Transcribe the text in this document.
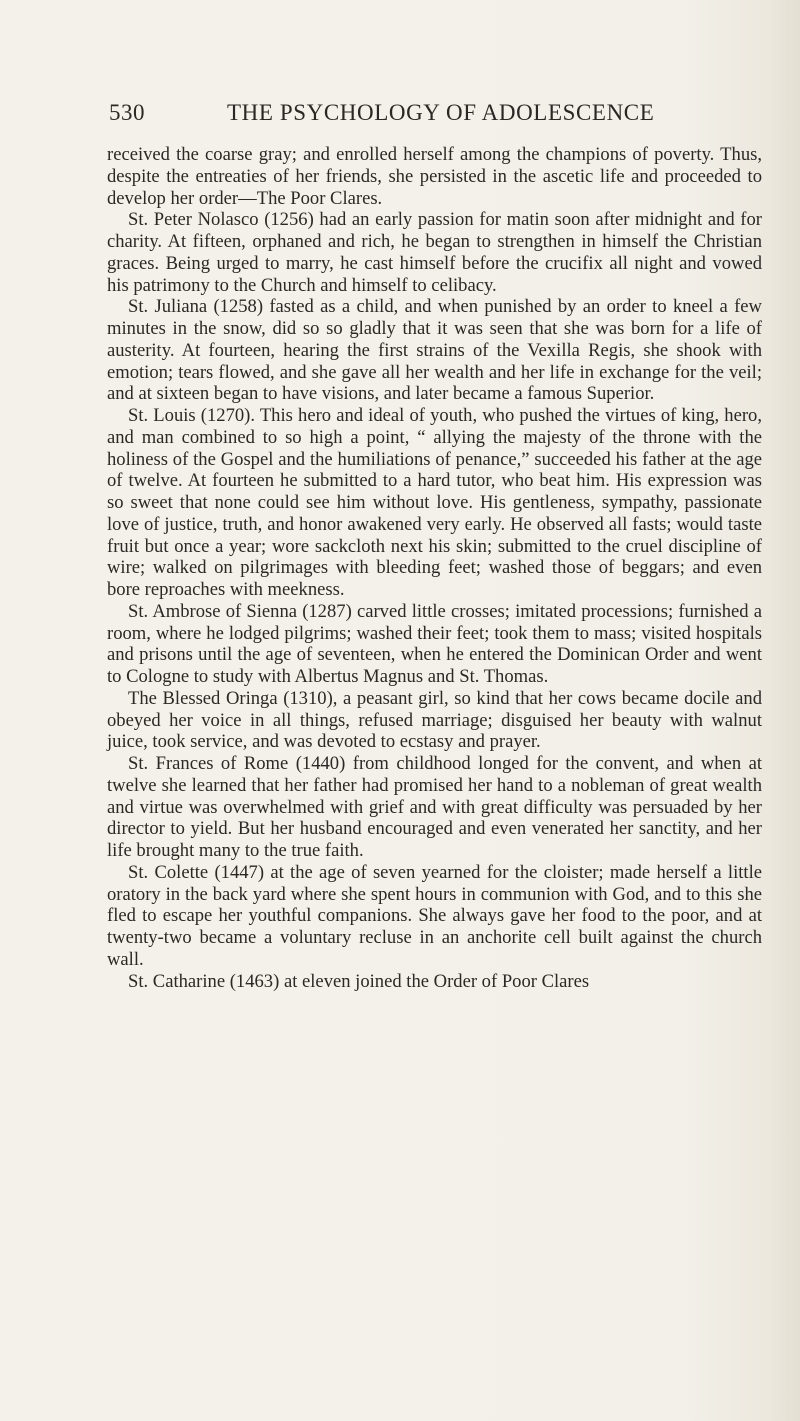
530	THE PSYCHOLOGY OF ADOLESCENCE

received the coarse gray; and enrolled herself among the champions of poverty. Thus, despite the entreaties of her friends, she persisted in the ascetic life and proceeded to develop her order—The Poor Clares.

St. Peter Nolasco (1256) had an early passion for matin soon after midnight and for charity. At fifteen, orphaned and rich, he began to strengthen in himself the Christian graces. Being urged to marry, he cast himself before the crucifix all night and vowed his patrimony to the Church and himself to celibacy.

St. Juliana (1258) fasted as a child, and when punished by an order to kneel a few minutes in the snow, did so so gladly that it was seen that she was born for a life of austerity. At fourteen, hearing the first strains of the Vexilla Regis, she shook with emotion; tears flowed, and she gave all her wealth and her life in exchange for the veil; and at sixteen began to have visions, and later became a famous Superior.

St. Louis (1270). This hero and ideal of youth, who pushed the virtues of king, hero, and man combined to so high a point, “ allying the majesty of the throne with the holiness of the Gospel and the humiliations of penance,” succeeded his father at the age of twelve. At fourteen he submitted to a hard tutor, who beat him. His expression was so sweet that none could see him without love. His gentleness, sympathy, passionate love of justice, truth, and honor awakened very early. He observed all fasts; would taste fruit but once a year; wore sackcloth next his skin; submitted to the cruel discipline of wire; walked on pilgrimages with bleeding feet; washed those of beggars; and even bore reproaches with meekness.

St. Ambrose of Sienna (1287) carved little crosses; imitated processions; furnished a room, where he lodged pilgrims; washed their feet; took them to mass; visited hospitals and prisons until the age of seventeen, when he entered the Dominican Order and went to Cologne to study with Albertus Magnus and St. Thomas.

The Blessed Oringa (1310), a peasant girl, so kind that her cows became docile and obeyed her voice in all things, refused marriage; disguised her beauty with walnut juice, took service, and was devoted to ecstasy and prayer.

St. Frances of Rome (1440) from childhood longed for the convent, and when at twelve she learned that her father had promised her hand to a nobleman of great wealth and virtue was overwhelmed with grief and with great difficulty was persuaded by her director to yield. But her husband encouraged and even venerated her sanctity, and her life brought many to the true faith.

St. Colette (1447) at the age of seven yearned for the cloister; made herself a little oratory in the back yard where she spent hours in communion with God, and to this she fled to escape her youthful companions. She always gave her food to the poor, and at twenty-two became a voluntary recluse in an anchorite cell built against the church wall.

St. Catharine (1463) at eleven joined the Order of Poor Clares
